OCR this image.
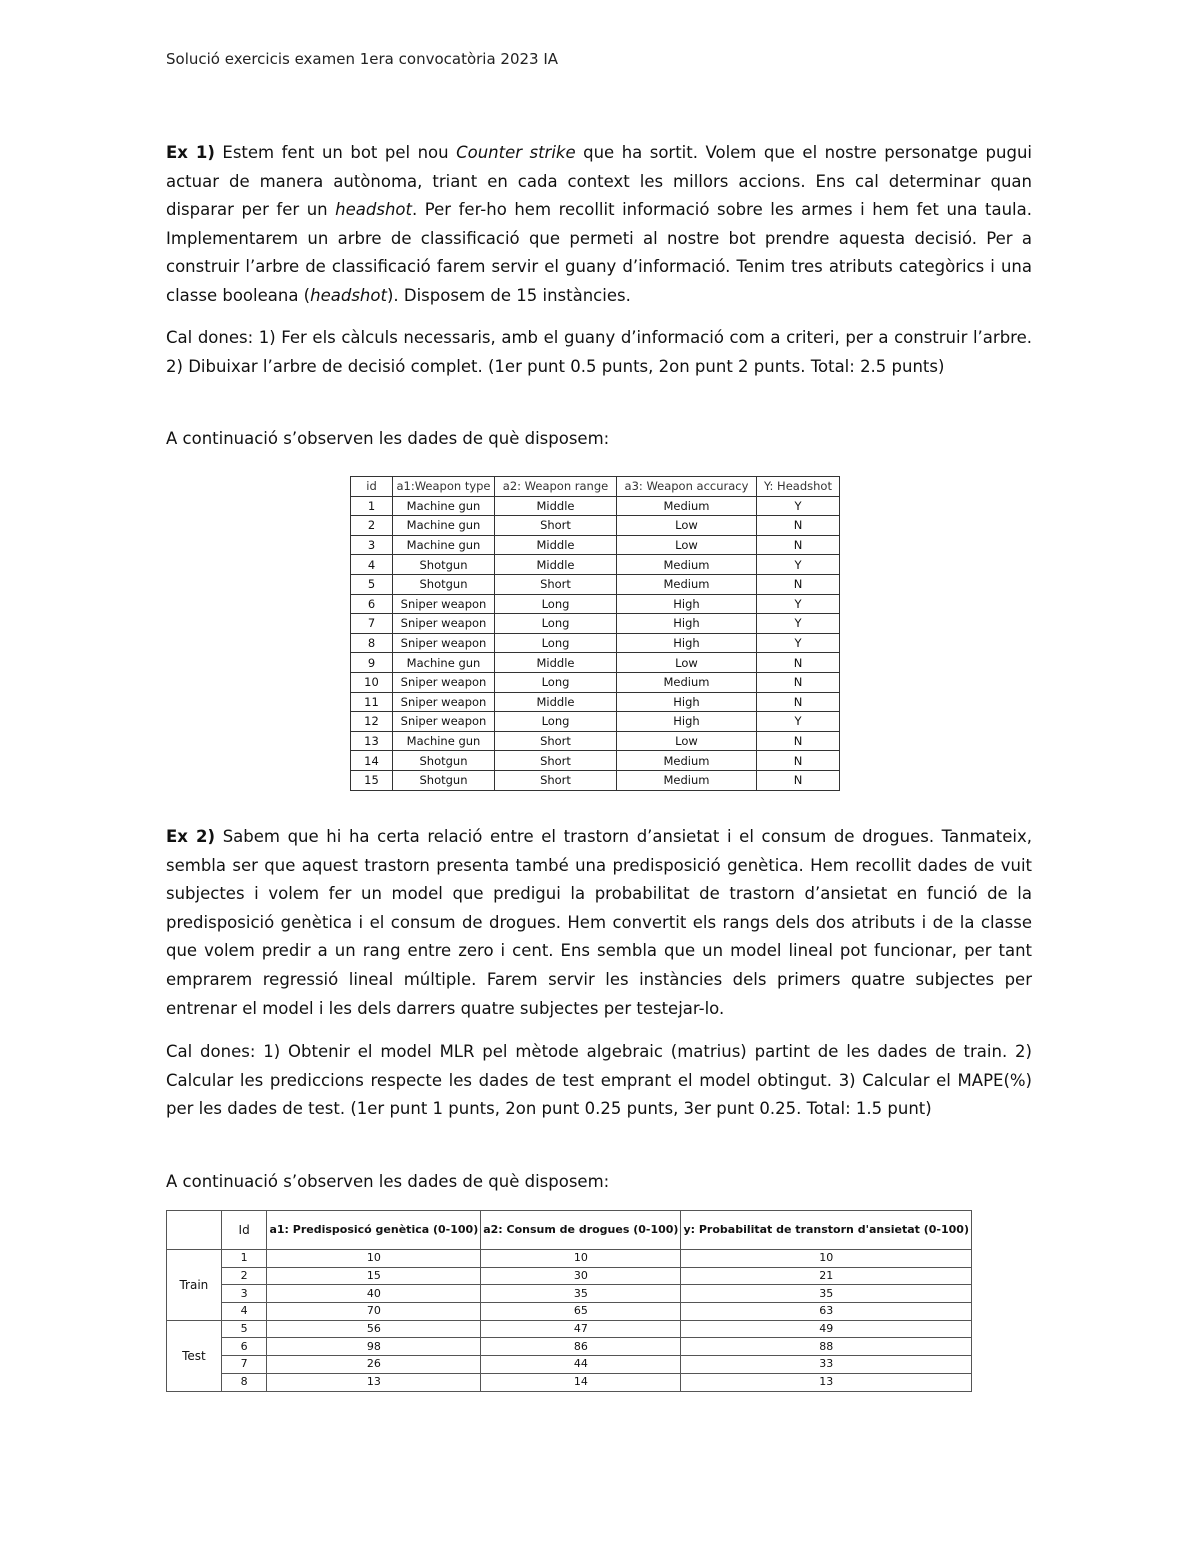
Solució exercicis examen 1era convocatòria 2023 IA

Ex 1) Estem fent un bot pel nou Counter strike que ha sortit. Volem que el nostre personatge pugui actuar de manera autònoma, triant en cada context les millors accions. Ens cal determinar quan disparar per fer un headshot. Per fer-ho hem recollit informació sobre les armes i hem fet una taula. Implementarem un arbre de classificació que permeti al nostre bot prendre aquesta decisió. Per a construir l’arbre de classificació farem servir el guany d’informació. Tenim tres atributs categòrics i una classe booleana (headshot). Disposem de 15 instàncies.

Cal dones: 1) Fer els càlculs necessaris, amb el guany d’informació com a criteri, per a construir l’arbre. 2) Dibuixar l’arbre de decisió complet. (1er punt 0.5 punts, 2on punt 2 punts. Total: 2.5 punts)

A continuació s’observen les dades de què disposem:

id	a1:Weapon type	a2: Weapon range	a3: Weapon accuracy	Y: Headshot
1	Machine gun	Middle	Medium	Y
2	Machine gun	Short	Low	N
3	Machine gun	Middle	Low	N
4	Shotgun	Middle	Medium	Y
5	Shotgun	Short	Medium	N
6	Sniper weapon	Long	High	Y
7	Sniper weapon	Long	High	Y
8	Sniper weapon	Long	High	Y
9	Machine gun	Middle	Low	N
10	Sniper weapon	Long	Medium	N
11	Sniper weapon	Middle	High	N
12	Sniper weapon	Long	High	Y
13	Machine gun	Short	Low	N
14	Shotgun	Short	Medium	N
15	Shotgun	Short	Medium	N

Ex 2) Sabem que hi ha certa relació entre el trastorn d’ansietat i el consum de drogues. Tanmateix, sembla ser que aquest trastorn presenta també una predisposició genètica. Hem recollit dades de vuit subjectes i volem fer un model que predigui la probabilitat de trastorn d’ansietat en funció de la predisposició genètica i el consum de drogues. Hem convertit els rangs dels dos atributs i de la classe que volem predir a un rang entre zero i cent. Ens sembla que un model lineal pot funcionar, per tant emprarem regressió lineal múltiple. Farem servir les instàncies dels primers quatre subjectes per entrenar el model i les dels darrers quatre subjectes per testejar-lo.

Cal dones: 1) Obtenir el model MLR pel mètode algebraic (matrius) partint de les dades de train. 2) Calcular les prediccions respecte les dades de test emprant el model obtingut. 3) Calcular el MAPE(%) per les dades de test. (1er punt 1 punts, 2on punt 0.25 punts, 3er punt 0.25. Total: 1.5 punt)

A continuació s’observen les dades de què disposem:

	Id	a1: Predisposicó genètica (0-100)	a2: Consum de drogues (0-100)	y: Probabilitat de transtorn d'ansietat (0-100)
Train	1	10	10	10
	2	15	30	21
	3	40	35	35
	4	70	65	63
Test	5	56	47	49
	6	98	86	88
	7	26	44	33
	8	13	14	13
